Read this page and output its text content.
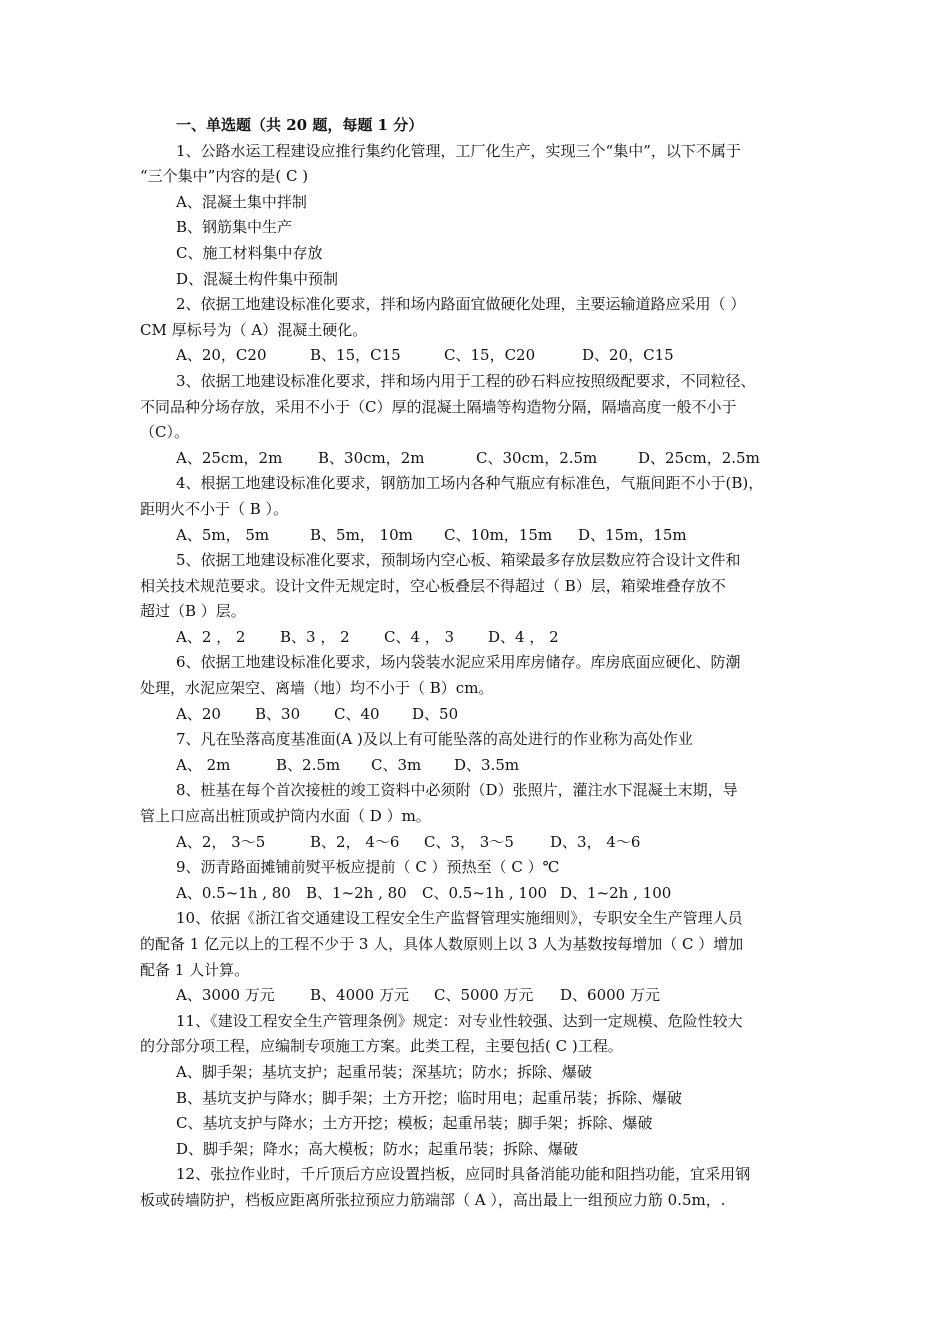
一、单选题（共 20 题，每题 1 分）
1、公路水运工程建设应推行集约化管理，工厂化生产，实现三个“集中”，以下不属于
“三个集中”内容的是( C )
A、混凝土集中拌制
B、钢筋集中生产
C、施工材料集中存放
D、混凝土构件集中预制
2、依据工地建设标准化要求，拌和场内路面宜做硬化处理，主要运输道路应采用（ ）
CM 厚标号为（ A）混凝土硬化。
A、20，C20	B、15，C15	C、15，C20	D、20，C15
3、依据工地建设标准化要求，拌和场内用于工程的砂石料应按照级配要求，不同粒径、
不同品种分场存放，采用不小于（C）厚的混凝土隔墙等构造物分隔，隔墙高度一般不小于
（C）。
A、25cm，2m	B、30cm，2m	C、30cm，2.5m	D、25cm，2.5m
4、根据工地建设标准化要求，钢筋加工场内各种气瓶应有标准色，气瓶间距不小于(B)，
距明火不小于（ B ）。
A、5m， 5m	B、5m， 10m	C、10m，15m	D、15m，15m
5、依据工地建设标准化要求，预制场内空心板、箱梁最多存放层数应符合设计文件和
相关技术规范要求。设计文件无规定时，空心板叠层不得超过（ B）层，箱梁堆叠存放不
超过（B ）层。
A、2 ， 2	B、3 ， 2	C、4 ， 3	D、4 ， 2
6、依据工地建设标准化要求，场内袋装水泥应采用库房储存。库房底面应硬化、防潮
处理，水泥应架空、离墙（地）均不小于（ B）cm。
A、20	B、30	C、40	D、50
7、凡在坠落高度基准面(A )及以上有可能坠落的高处进行的作业称为高处作业
A、 2m	B、2.5m	C、3m	D、3.5m
8、桩基在每个首次接桩的竣工资料中必须附（D）张照片，灌注水下混凝土末期，导
管上口应高出桩顶或护筒内水面（ D ）m。
A、2， 3～5	B、2， 4～6	C、3， 3～5	D、3， 4～6
9、沥青路面摊铺前熨平板应提前（ C ）预热至（ C ）℃
A、0.5~1h , 80	B、1~2h , 80	C、0.5~1h , 100 D、1~2h , 100
10、依据《浙江省交通建设工程安全生产监督管理实施细则》，专职安全生产管理人员
的配备 1 亿元以上的工程不少于 3 人，具体人数原则上以 3 人为基数按每增加（ C ）增加
配备 1 人计算。
A、3000 万元	B、4000 万元	C、5000 万元	D、6000 万元
11、《建设工程安全生产管理条例》规定：对专业性较强、达到一定规模、危险性较大
的分部分项工程，应编制专项施工方案。此类工程，主要包括( C )工程。
A、脚手架；基坑支护；起重吊装；深基坑；防水；拆除、爆破
B、基坑支护与降水；脚手架；土方开挖；临时用电；起重吊装；拆除、爆破
C、基坑支护与降水；土方开挖；模板；起重吊装；脚手架；拆除、爆破
D、脚手架；降水；高大模板；防水；起重吊装；拆除、爆破
12、张拉作业时，千斤顶后方应设置挡板，应同时具备消能功能和阻挡功能，宜采用钢
板或砖墙防护，档板应距离所张拉预应力筋端部（ A ），高出最上一组预应力筋 0.5m，.
